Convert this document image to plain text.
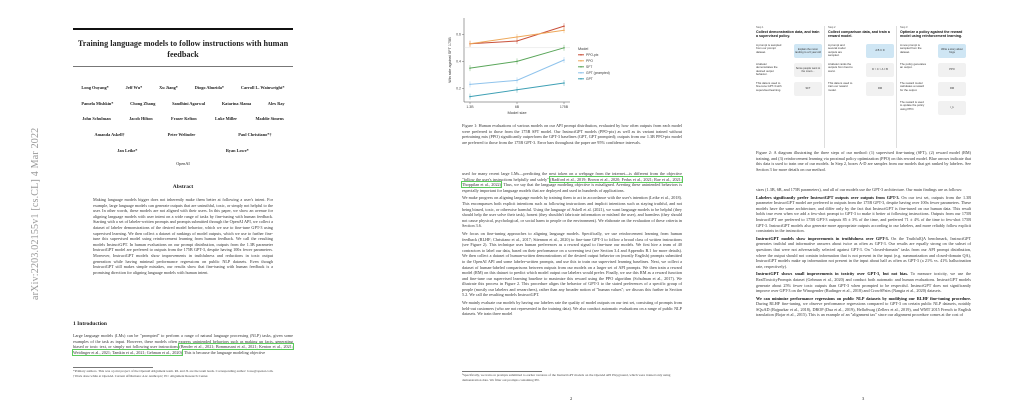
arXiv:2203.02155v1 [cs.CL] 4 Mar 2022
Training language models to follow instructions with human feedback
Long Ouyang*	Jeff Wu*	Xu Jiang*	Diogo Almeida*	Carroll L. Wainwright*
Pamela Mishkin*	Chong Zhang	Sandhini Agarwal	Katarina Slama	Alex Ray
John Schulman	Jacob Hilton	Fraser Kelton	Luke Miller	Maddie Simens
Amanda Askell†	Peter Welinder	Paul Christiano*†
Jan Leike*	Ryan Lowe*
OpenAI
Abstract
Making language models bigger does not inherently make them better at following a user's intent. For example, large language models can generate outputs that are untruthful, toxic, or simply not helpful to the user. In other words, these models are not aligned with their users. In this paper, we show an avenue for aligning language models with user intent on a wide range of tasks by fine-tuning with human feedback. Starting with a set of labeler-written prompts and prompts submitted through the OpenAI API, we collect a dataset of labeler demonstrations of the desired model behavior, which we use to fine-tune GPT-3 using supervised learning. We then collect a dataset of rankings of model outputs, which we use to further fine-tune this supervised model using reinforcement learning from human feedback. We call the resulting models InstructGPT. In human evaluations on our prompt distribution, outputs from the 1.3B parameter InstructGPT model are preferred to outputs from the 175B GPT-3, despite having 100x fewer parameters. Moreover, InstructGPT models show improvements in truthfulness and reductions in toxic output generation while having minimal performance regressions on public NLP datasets. Even though InstructGPT still makes simple mistakes, our results show that fine-tuning with human feedback is a promising direction for aligning language models with human intent.
1 Introduction
Large language models (LMs) can be "prompted" to perform a range of natural language processing (NLP) tasks, given some examples of the task as input. However, these models often express unintended behaviors such as making up facts, generating biased or toxic text, or simply not following user instructions (Bender et al., 2021; Bommasani et al., 2021; Kenton et al., 2021; Weidinger et al., 2021; Tamkin et al., 2021; Gehman et al., 2020). This is because the language modeling objective
*Primary authors. This was a joint project of the OpenAI Alignment team. RL and JL are the team leads. Corresponding author: lowe@openai.com.
†Work done while at OpenAI. Current affiliations: AA: Anthropic; PC: Alignment Research Center.
0.2
0.4
0.6
1.3B	6B	175B
Model size
Win rate against SFT 175B	Model
PPO-ptx
PPO
SFT
GPT (prompted)
GPT
Figure 1: Human evaluations of various models on our API prompt distribution, evaluated by how often outputs from each model were preferred to those from the 175B SFT model. Our InstructGPT models (PPO-ptx) as well as its variant trained without pretraining mix (PPO) significantly outperform the GPT-3 baselines (GPT, GPT prompted); outputs from our 1.3B PPO-ptx model are preferred to those from the 175B GPT-3. Error bars throughout the paper are 95% confidence intervals.

used for many recent large LMs—predicting the next token on a webpage from the internet—is different from the objective "follow the user's instructions helpfully and safely" (Radford et al., 2019; Brown et al., 2020; Fedus et al., 2021; Rae et al., 2021; Thoppilan et al., 2022). Thus, we say that the language modeling objective is misaligned. Averting these unintended behaviors is especially important for language models that are deployed and used in hundreds of applications.

We make progress on aligning language models by training them to act in accordance with the user's intention (Leike et al., 2018). This encompasses both explicit intentions such as following instructions and implicit intentions such as staying truthful, and not being biased, toxic, or otherwise harmful. Using the language of Askell et al. (2021), we want language models to be helpful (they should help the user solve their task), honest (they shouldn't fabricate information or mislead the user), and harmless (they should not cause physical, psychological, or social harm to people or the environment). We elaborate on the evaluation of these criteria in Section 3.6.

We focus on fine-tuning approaches to aligning language models. Specifically, we use reinforcement learning from human feedback (RLHF; Christiano et al., 2017; Stiennon et al., 2020) to fine-tune GPT-3 to follow a broad class of written instructions (see Figure 2). This technique uses human preferences as a reward signal to fine-tune our models. We first hire a team of 40 contractors to label our data, based on their performance on a screening test (see Section 3.4 and Appendix B.1 for more details). We then collect a dataset of human-written demonstrations of the desired output behavior on (mostly English) prompts submitted to the OpenAI API and some labeler-written prompts, and use this to train our supervised learning baselines. Next, we collect a dataset of human-labeled comparisons between outputs from our models on a larger set of API prompts. We then train a reward model (RM) on this dataset to predict which model output our labelers would prefer. Finally, we use this RM as a reward function and fine-tune our supervised learning baseline to maximize this reward using the PPO algorithm (Schulman et al., 2017). We illustrate this process in Figure 2. This procedure aligns the behavior of GPT-3 to the stated preferences of a specific group of people (mostly our labelers and researchers), rather than any broader notion of "human values"; we discuss this further in Section 5.2. We call the resulting models InstructGPT.

We mainly evaluate our models by having our labelers rate the quality of model outputs on our test set, consisting of prompts from held-out customers (who are not represented in the training data). We also conduct automatic evaluations on a range of public NLP datasets. We train three model

¹Specifically, we train on prompts submitted to earlier versions of the InstructGPT models on the OpenAI API Playground, which were trained only using demonstration data. We filter out prompts containing PII.
2
Step 1
Collect demonstration data, and train a supervised policy.
A prompt is sampled from our prompt dataset.
Explain the moon landing to a 6 year old
A labeler demonstrates the desired output behavior.
Some people went to the moon...
This data is used to fine-tune GPT-3 with supervised learning.	SFT
Step 2
Collect comparison data, and train a reward model.
A prompt and several model outputs are sampled.
A B C D
A labeler ranks the outputs from best to worst.	D > C > A = B
This data is used to train our reward model.	RM
Step 3
Optimize a policy against the reward model using reinforcement learning.
A new prompt is sampled from the dataset.
Write a story about frogs
The policy generates an output.
PPO
The reward model calculates a reward for the output.	RM
The reward is used to update the policy using PPO.	r_k
Figure 2: A diagram illustrating the three steps of our method: (1) supervised fine-tuning (SFT), (2) reward model (RM) training, and (3) reinforcement learning via proximal policy optimization (PPO) on this reward model. Blue arrows indicate that this data is used to train one of our models. In Step 2, boxes A-D are samples from our models that get ranked by labelers. See Section 3 for more details on our method.

sizes (1.3B, 6B, and 175B parameters), and all of our models use the GPT-3 architecture. Our main findings are as follows:

Labelers significantly prefer InstructGPT outputs over outputs from GPT-3. On our test set, outputs from the 1.3B parameter InstructGPT model are preferred to outputs from the 175B GPT-3, despite having over 100x fewer parameters. These models have the same architecture, and differ only by the fact that InstructGPT is fine-tuned on our human data. This result holds true even when we add a few-shot prompt to GPT-3 to make it better at following instructions. Outputs from our 175B InstructGPT are preferred to 175B GPT-3 outputs 85 ± 3% of the time, and preferred 71 ± 4% of the time to few-shot 175B GPT-3. InstructGPT models also generate more appropriate outputs according to our labelers, and more reliably follow explicit constraints in the instruction.

InstructGPT models show improvements in truthfulness over GPT-3. On the TruthfulQA benchmark, InstructGPT generates truthful and informative answers about twice as often as GPT-3. Our results are equally strong on the subset of questions that were not adversarially selected against GPT-3. On "closed-domain" tasks from our API prompt distribution, where the output should not contain information that is not present in the input (e.g. summarization and closed-domain QA), InstructGPT models make up information not present in the input about half as often as GPT-3 (a 21% vs. 41% hallucination rate, respectively).

InstructGPT shows small improvements in toxicity over GPT-3, but not bias. To measure toxicity, we use the RealToxicityPrompts dataset (Gehman et al., 2020) and conduct both automatic and human evaluations. InstructGPT models generate about 25% fewer toxic outputs than GPT-3 when prompted to be respectful. InstructGPT does not significantly improve over GPT-3 on the Winogender (Rudinger et al., 2018) and CrowSPairs (Nangia et al., 2020) datasets.

We can minimize performance regressions on public NLP datasets by modifying our RLHF fine-tuning procedure. During RLHF fine-tuning, we observe performance regressions compared to GPT-3 on certain public NLP datasets, notably SQuAD (Rajpurkar et al., 2018), DROP (Dua et al., 2019), HellaSwag (Zellers et al., 2019), and WMT 2015 French to English translation (Bojar et al., 2015). This is an example of an "alignment tax" since our alignment procedure comes at the cost of

3
